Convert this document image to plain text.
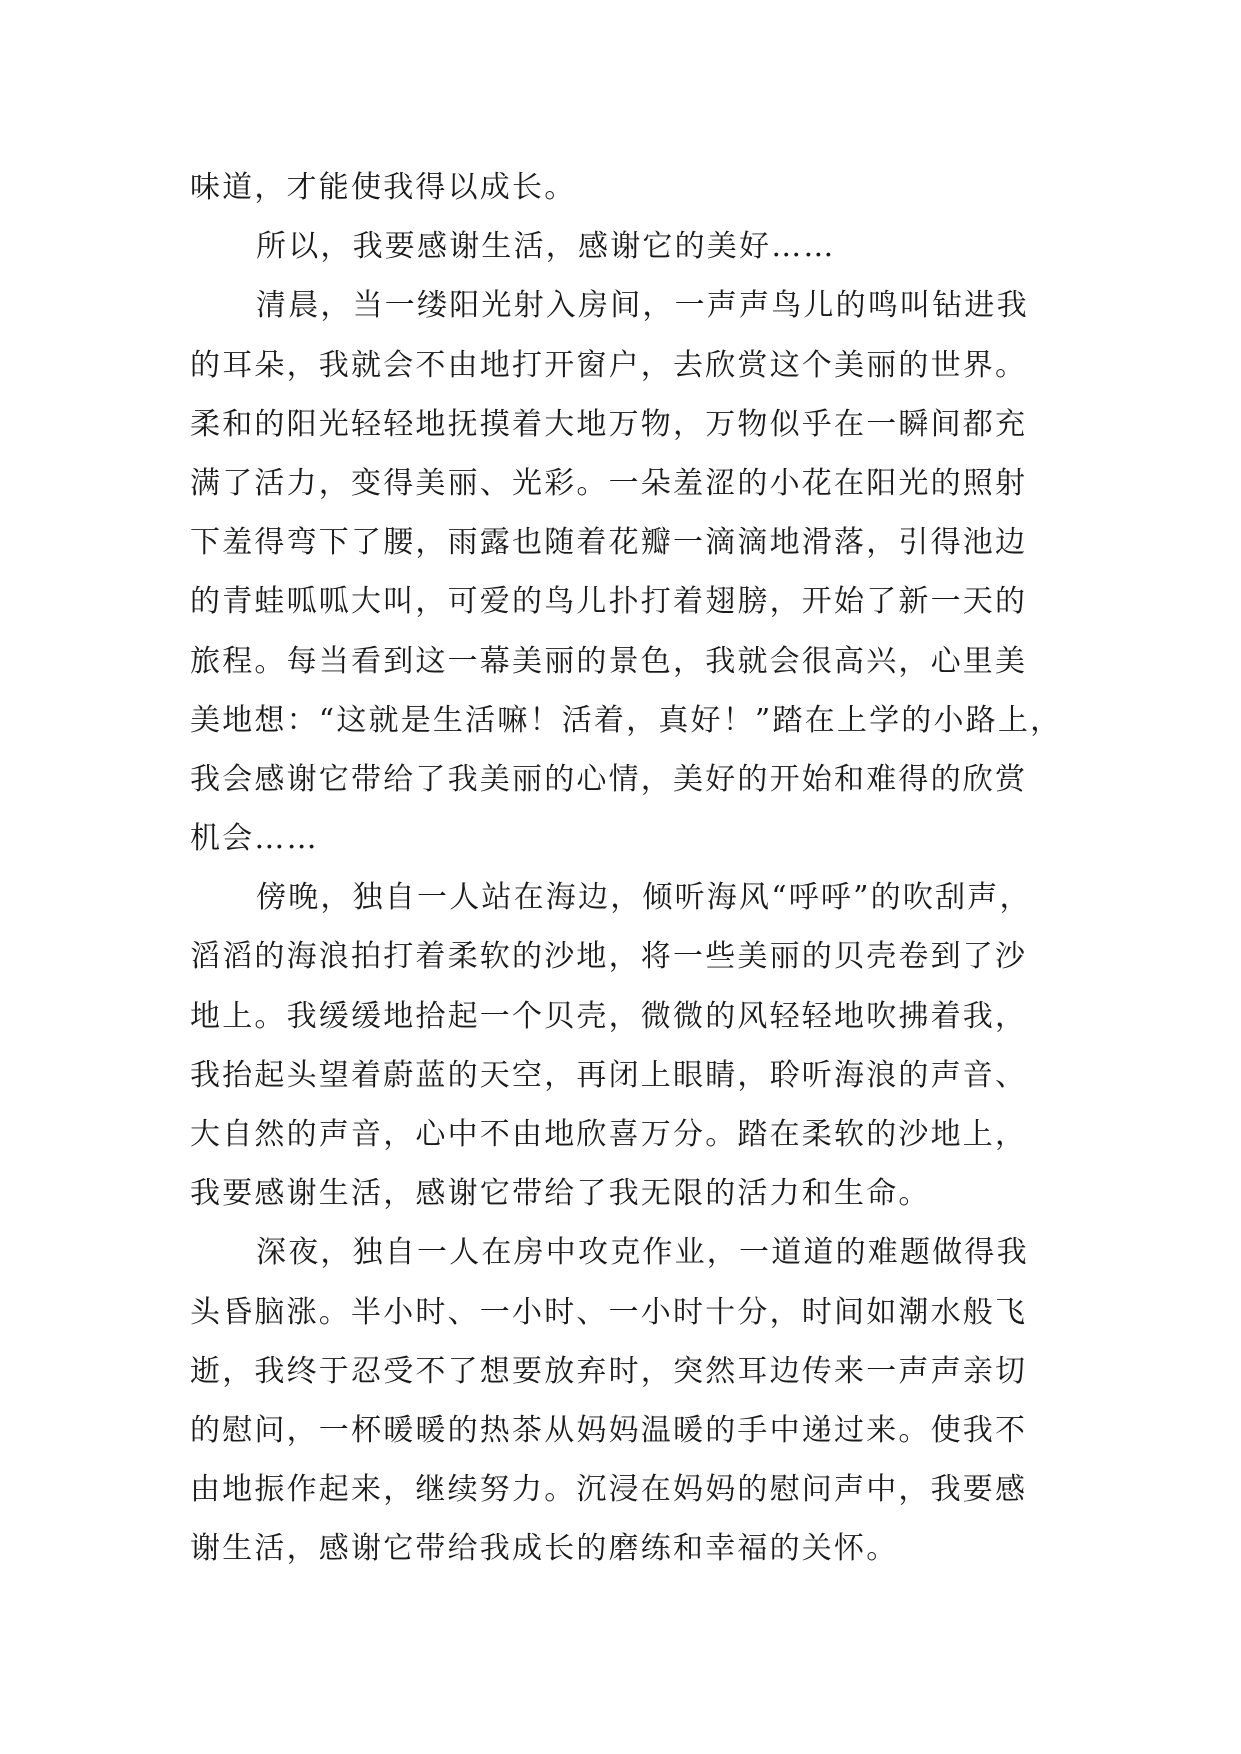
味道，才能使我得以成长。
所以，我要感谢生活，感谢它的美好……
清晨，当一缕阳光射入房间，一声声鸟儿的鸣叫钻进我
的耳朵，我就会不由地打开窗户，去欣赏这个美丽的世界。
柔和的阳光轻轻地抚摸着大地万物，万物似乎在一瞬间都充
满了活力，变得美丽、光彩。一朵羞涩的小花在阳光的照射
下羞得弯下了腰，雨露也随着花瓣一滴滴地滑落，引得池边
的青蛙呱呱大叫，可爱的鸟儿扑打着翅膀，开始了新一天的
旅程。每当看到这一幕美丽的景色，我就会很高兴，心里美
美地想：“这就是生活嘛！活着，真好！”踏在上学的小路上，
我会感谢它带给了我美丽的心情，美好的开始和难得的欣赏
机会……
傍晚，独自一人站在海边，倾听海风“呼呼”的吹刮声，
滔滔的海浪拍打着柔软的沙地，将一些美丽的贝壳卷到了沙
地上。我缓缓地拾起一个贝壳，微微的风轻轻地吹拂着我，
我抬起头望着蔚蓝的天空，再闭上眼睛，聆听海浪的声音、
大自然的声音，心中不由地欣喜万分。踏在柔软的沙地上，
我要感谢生活，感谢它带给了我无限的活力和生命。
深夜，独自一人在房中攻克作业，一道道的难题做得我
头昏脑涨。半小时、一小时、一小时十分，时间如潮水般飞
逝，我终于忍受不了想要放弃时，突然耳边传来一声声亲切
的慰问，一杯暖暖的热茶从妈妈温暖的手中递过来。使我不
由地振作起来，继续努力。沉浸在妈妈的慰问声中，我要感
谢生活，感谢它带给我成长的磨练和幸福的关怀。
